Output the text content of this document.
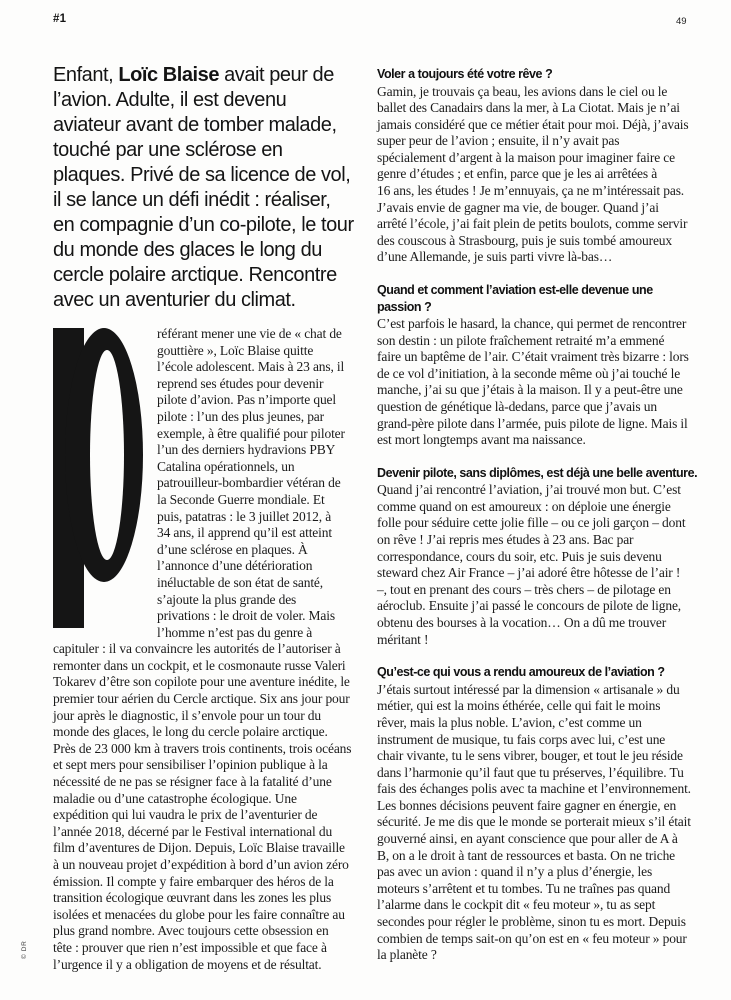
#1	49
Enfant, Loïc Blaise avait peur de l’avion. Adulte, il est devenu aviateur avant de tomber malade, touché par une sclérose en plaques. Privé de sa licence de vol, il se lance un défi inédit : réaliser, en compagnie d’un co-pilote, le tour du monde des glaces le long du cercle polaire arctique. Rencontre avec un aventurier du climat.
référant mener une vie de « chat de gouttière », Loïc Blaise quitte l’école adolescent. Mais à 23 ans, il reprend ses études pour devenir pilote d’avion. Pas n’importe quel pilote : l’un des plus jeunes, par exemple, à être qualifié pour piloter l’un des derniers hydravions PBY Catalina opérationnels, un patrouilleur-bombardier vétéran de la Seconde Guerre mondiale. Et puis, patatras : le 3 juillet 2012, à 34 ans, il apprend qu’il est atteint d’une sclérose en plaques. À l’annonce d’une détérioration inéluctable de son état de santé, s’ajoute la plus grande des privations : le droit de voler. Mais l’homme n’est pas du genre à capituler : il va convaincre les autorités de l’autoriser à remonter dans un cockpit, et le cosmonaute russe Valeri Tokarev d’être son copilote pour une aventure inédite, le premier tour aérien du Cercle arctique. Six ans jour pour jour après le diagnostic, il s’envole pour un tour du monde des glaces, le long du cercle polaire arctique. Près de 23 000 km à travers trois continents, trois océans et sept mers pour sensibiliser l’opinion publique à la nécessité de ne pas se résigner face à la fatalité d’une maladie ou d’une catastrophe écologique. Une expédition qui lui vaudra le prix de l’aventurier de l’année 2018, décerné par le Festival international du film d’aventures de Dijon. Depuis, Loïc Blaise travaille à un nouveau projet d’expédition à bord d’un avion zéro émission. Il compte y faire embarquer des héros de la transition écologique œuvrant dans les zones les plus isolées et menacées du globe pour les faire connaître au plus grand nombre. Avec toujours cette obsession en tête : prouver que rien n’est impossible et que face à l’urgence il y a obligation de moyens et de résultat.
Voler a toujours été votre rêve ?
Gamin, je trouvais ça beau, les avions dans le ciel ou le ballet des Canadairs dans la mer, à La Ciotat. Mais je n’ai jamais considéré que ce métier était pour moi. Déjà, j’avais super peur de l’avion ; ensuite, il n’y avait pas spécialement d’argent à la maison pour imaginer faire ce genre d’études ; et enfin, parce que je les ai arrêtées à 16 ans, les études ! Je m’ennuyais, ça ne m’intéressait pas. J’avais envie de gagner ma vie, de bouger. Quand j’ai arrêté l’école, j’ai fait plein de petits boulots, comme servir des couscous à Strasbourg, puis je suis tombé amoureux d’une Allemande, je suis parti vivre là-bas…
Quand et comment l’aviation est-elle devenue une passion ?
C’est parfois le hasard, la chance, qui permet de rencontrer son destin : un pilote fraîchement retraité m’a emmené faire un baptême de l’air. C’était vraiment très bizarre : lors de ce vol d’initiation, à la seconde même où j’ai touché le manche, j’ai su que j’étais à la maison. Il y a peut-être une question de génétique là-dedans, parce que j’avais un grand-père pilote dans l’armée, puis pilote de ligne. Mais il est mort longtemps avant ma naissance.
Devenir pilote, sans diplômes, est déjà une belle aventure.
Quand j’ai rencontré l’aviation, j’ai trouvé mon but. C’est comme quand on est amoureux : on déploie une énergie folle pour séduire cette jolie fille – ou ce joli garçon – dont on rêve ! J’ai repris mes études à 23 ans. Bac par correspondance, cours du soir, etc. Puis je suis devenu steward chez Air France – j’ai adoré être hôtesse de l’air ! –, tout en prenant des cours – très chers – de pilotage en aéroclub. Ensuite j’ai passé le concours de pilote de ligne, obtenu des bourses à la vocation… On a dû me trouver méritant !
Qu’est-ce qui vous a rendu amoureux de l’aviation ?
J’étais surtout intéressé par la dimension « artisanale » du métier, qui est la moins éthérée, celle qui fait le moins rêver, mais la plus noble. L’avion, c’est comme un instrument de musique, tu fais corps avec lui, c’est une chair vivante, tu le sens vibrer, bouger, et tout le jeu réside dans l’harmonie qu’il faut que tu préserves, l’équilibre. Tu fais des échanges polis avec ta machine et l’environnement. Les bonnes décisions peuvent faire gagner en énergie, en sécurité. Je me dis que le monde se porterait mieux s’il était gouverné ainsi, en ayant conscience que pour aller de A à B, on a le droit à tant de ressources et basta. On ne triche pas avec un avion : quand il n’y a plus d’énergie, les moteurs s’arrêtent et tu tombes. Tu ne traînes pas quand l’alarme dans le cockpit dit « feu moteur », tu as sept secondes pour régler le problème, sinon tu es mort. Depuis combien de temps sait-on qu’on est en « feu moteur » pour la planète ?
© DR
